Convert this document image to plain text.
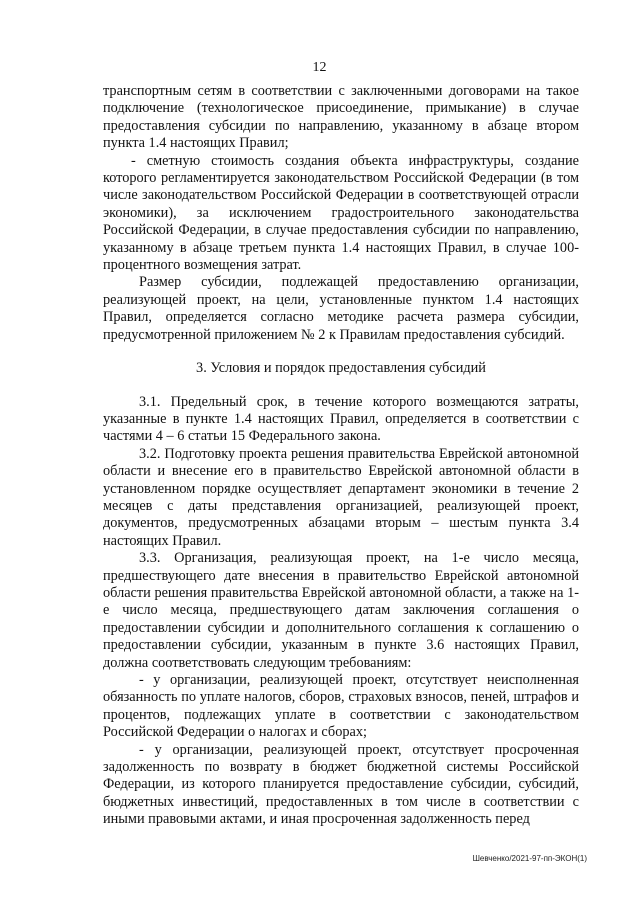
12

транспортным сетям в соответствии с заключенными договорами на такое подключение (технологическое присоединение, примыкание) в случае предоставления субсидии по направлению, указанному в абзаце втором пункта 1.4 настоящих Правил;

- сметную стоимость создания объекта инфраструктуры, создание которого регламентируется законодательством Российской Федерации (в том числе законодательством Российской Федерации в соответствующей отрасли экономики), за исключением градостроительного законодательства Российской Федерации, в случае предоставления субсидии по направлению, указанному в абзаце третьем пункта 1.4 настоящих Правил, в случае 100-процентного возмещения затрат.

Размер субсидии, подлежащей предоставлению организации, реализующей проект, на цели, установленные пунктом 1.4 настоящих Правил, определяется согласно методике расчета размера субсидии, предусмотренной приложением № 2 к Правилам предоставления субсидий.

3. Условия и порядок предоставления субсидий

3.1. Предельный срок, в течение которого возмещаются затраты, указанные в пункте 1.4 настоящих Правил, определяется в соответствии с частями 4 – 6 статьи 15 Федерального закона.

3.2. Подготовку проекта решения правительства Еврейской автономной области и внесение его в правительство Еврейской автономной области в установленном порядке осуществляет департамент экономики в течение 2 месяцев с даты представления организацией, реализующей проект, документов, предусмотренных абзацами вторым – шестым пункта 3.4 настоящих Правил.

3.3. Организация, реализующая проект, на 1-е число месяца, предшествующего дате внесения в правительство Еврейской автономной области решения правительства Еврейской автономной области, а также на 1-е число месяца, предшествующего датам заключения соглашения о предоставлении субсидии и дополнительного соглашения к соглашению о предоставлении субсидии, указанным в пункте 3.6 настоящих Правил, должна соответствовать следующим требованиям:

- у организации, реализующей проект, отсутствует неисполненная обязанность по уплате налогов, сборов, страховых взносов, пеней, штрафов и процентов, подлежащих уплате в соответствии с законодательством Российской Федерации о налогах и сборах;

- у организации, реализующей проект, отсутствует просроченная задолженность по возврату в бюджет бюджетной системы Российской Федерации, из которого планируется предоставление субсидии, субсидий, бюджетных инвестиций, предоставленных в том числе в соответствии с иными правовыми актами, и иная просроченная задолженность перед

Шевченко/2021-97-пп-ЭКОН(1)
